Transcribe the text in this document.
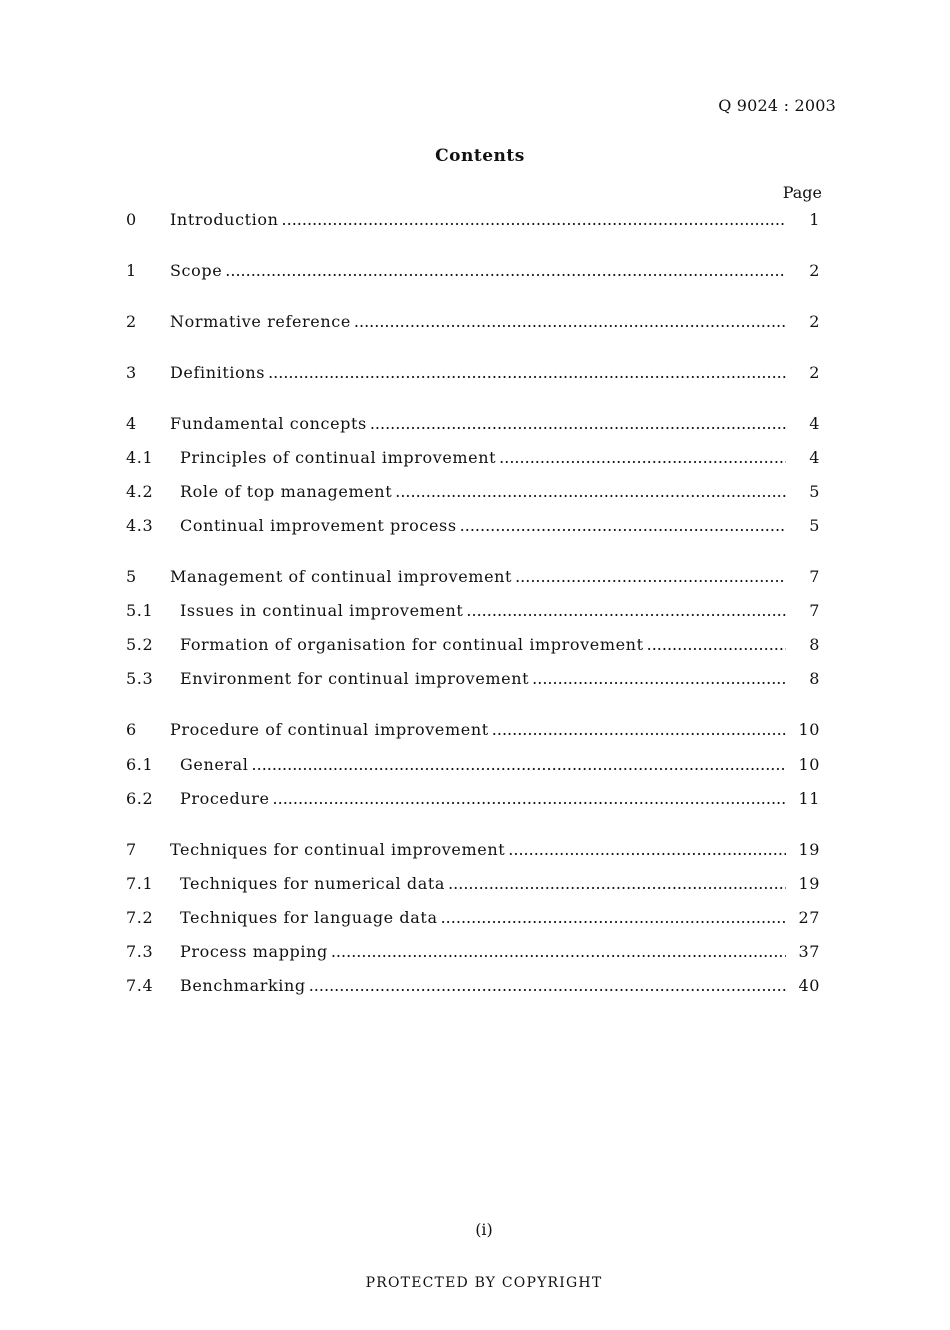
Q 9024 : 2003
Contents
Page
0	Introduction .....	1
1	Scope .....	2
2	Normative reference .....	2
3	Definitions .....	2
4	Fundamental concepts .....	4
4.1	Principles of continual improvement .....	4
4.2	Role of top management .....	5
4.3	Continual improvement process .....	5
5	Management of continual improvement .....	7
5.1	Issues in continual improvement .....	7
5.2	Formation of organisation for continual improvement .....	8
5.3	Environment for continual improvement .....	8
6	Procedure of continual improvement .....	10
6.1	General .....	10
6.2	Procedure .....	11
7	Techniques for continual improvement .....	19
7.1	Techniques for numerical data .....	19
7.2	Techniques for language data .....	27
7.3	Process mapping .....	37
7.4	Benchmarking .....	40
(i)
PROTECTED BY COPYRIGHT
